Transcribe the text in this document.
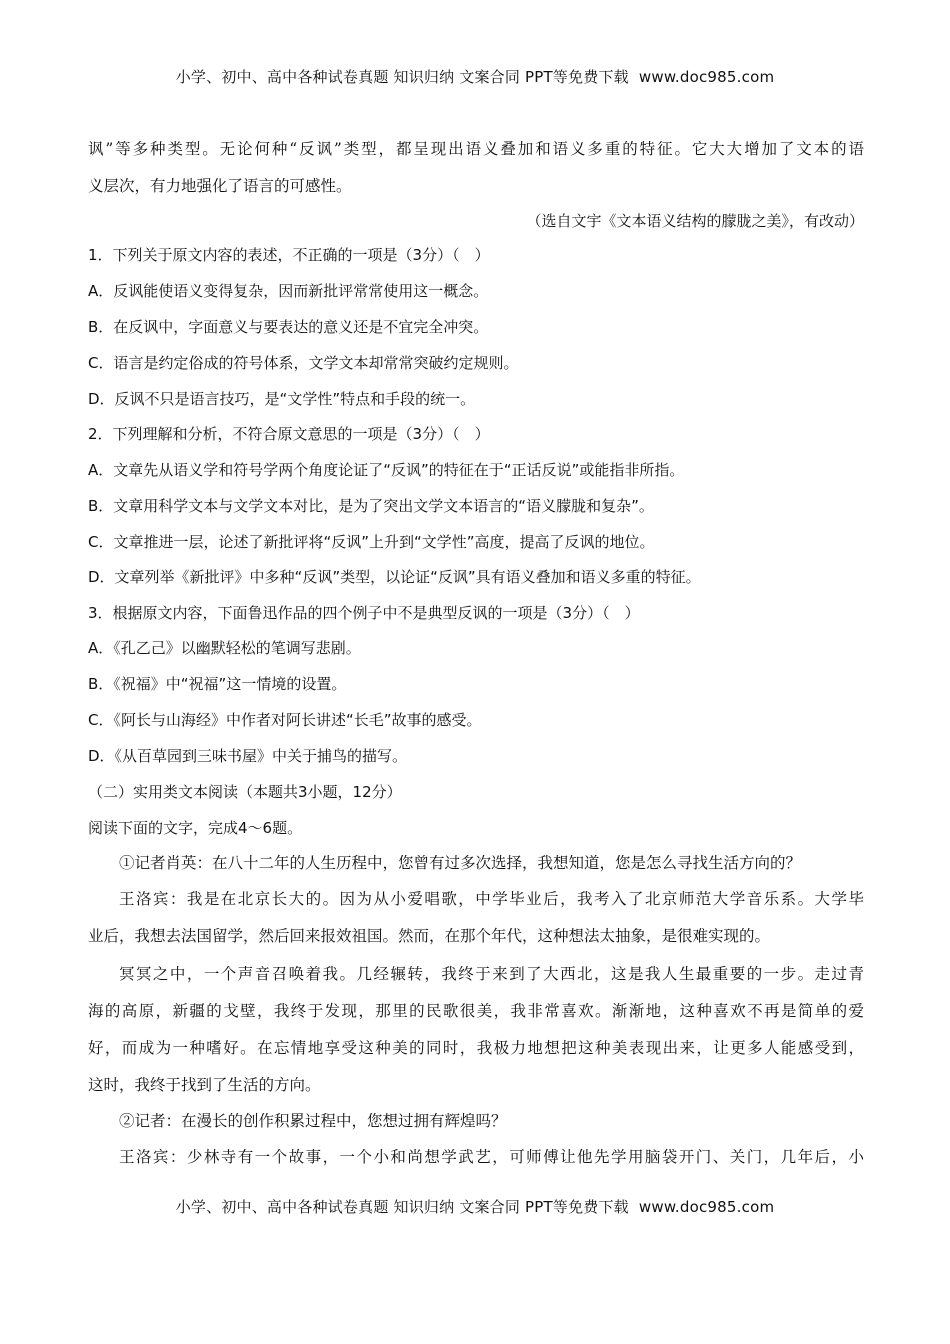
小学、初中、高中各种试卷真题 知识归纳 文案合同 PPT等免费下载 www.doc985.com
讽”等多种类型。无论何种“反讽”类型，都呈现出语义叠加和语义多重的特征。它大大增加了文本的语
义层次，有力地强化了语言的可感性。
（选自文宇《文本语义结构的朦胧之美》，有改动）
1．下列关于原文内容的表述，不正确的一项是（3分）（　）
A．反讽能使语义变得复杂，因而新批评常常使用这一概念。
B．在反讽中，字面意义与要表达的意义还是不宜完全冲突。
C．语言是约定俗成的符号体系，文学文本却常常突破约定规则。
D．反讽不只是语言技巧，是“文学性”特点和手段的统一。
2．下列理解和分析，不符合原文意思的一项是（3分）（　）
A．文章先从语义学和符号学两个角度论证了“反讽”的特征在于“正话反说”或能指非所指。
B．文章用科学文本与文学文本对比，是为了突出文学文本语言的“语义朦胧和复杂”。
C．文章推进一层，论述了新批评将“反讽”上升到“文学性”高度，提高了反讽的地位。
D．文章列举《新批评》中多种“反讽”类型，以论证“反讽”具有语义叠加和语义多重的特征。
3．根据原文内容，下面鲁迅作品的四个例子中不是典型反讽的一项是（3分）（　）
A．《孔乙己》以幽默轻松的笔调写悲剧。
B．《祝福》中“祝福”这一情境的设置。
C．《阿长与山海经》中作者对阿长讲述“长毛”故事的感受。
D．《从百草园到三味书屋》中关于捕鸟的描写。
（二）实用类文本阅读（本题共3小题，12分）
阅读下面的文字，完成4～6题。
①记者肖英：在八十二年的人生历程中，您曾有过多次选择，我想知道，您是怎么寻找生活方向的？
王洛宾：我是在北京长大的。因为从小爱唱歌，中学毕业后，我考入了北京师范大学音乐系。大学毕
业后，我想去法国留学，然后回来报效祖国。然而，在那个年代，这种想法太抽象，是很难实现的。
冥冥之中，一个声音召唤着我。几经辗转，我终于来到了大西北，这是我人生最重要的一步。走过青
海的高原，新疆的戈壁，我终于发现，那里的民歌很美，我非常喜欢。渐渐地，这种喜欢不再是简单的爱
好，而成为一种嗜好。在忘情地享受这种美的同时，我极力地想把这种美表现出来，让更多人能感受到，
这时，我终于找到了生活的方向。
②记者：在漫长的创作积累过程中，您想过拥有辉煌吗？
王洛宾：少林寺有一个故事，一个小和尚想学武艺，可师傅让他先学用脑袋开门、关门，几年后，小
小学、初中、高中各种试卷真题 知识归纳 文案合同 PPT等免费下载 www.doc985.com
